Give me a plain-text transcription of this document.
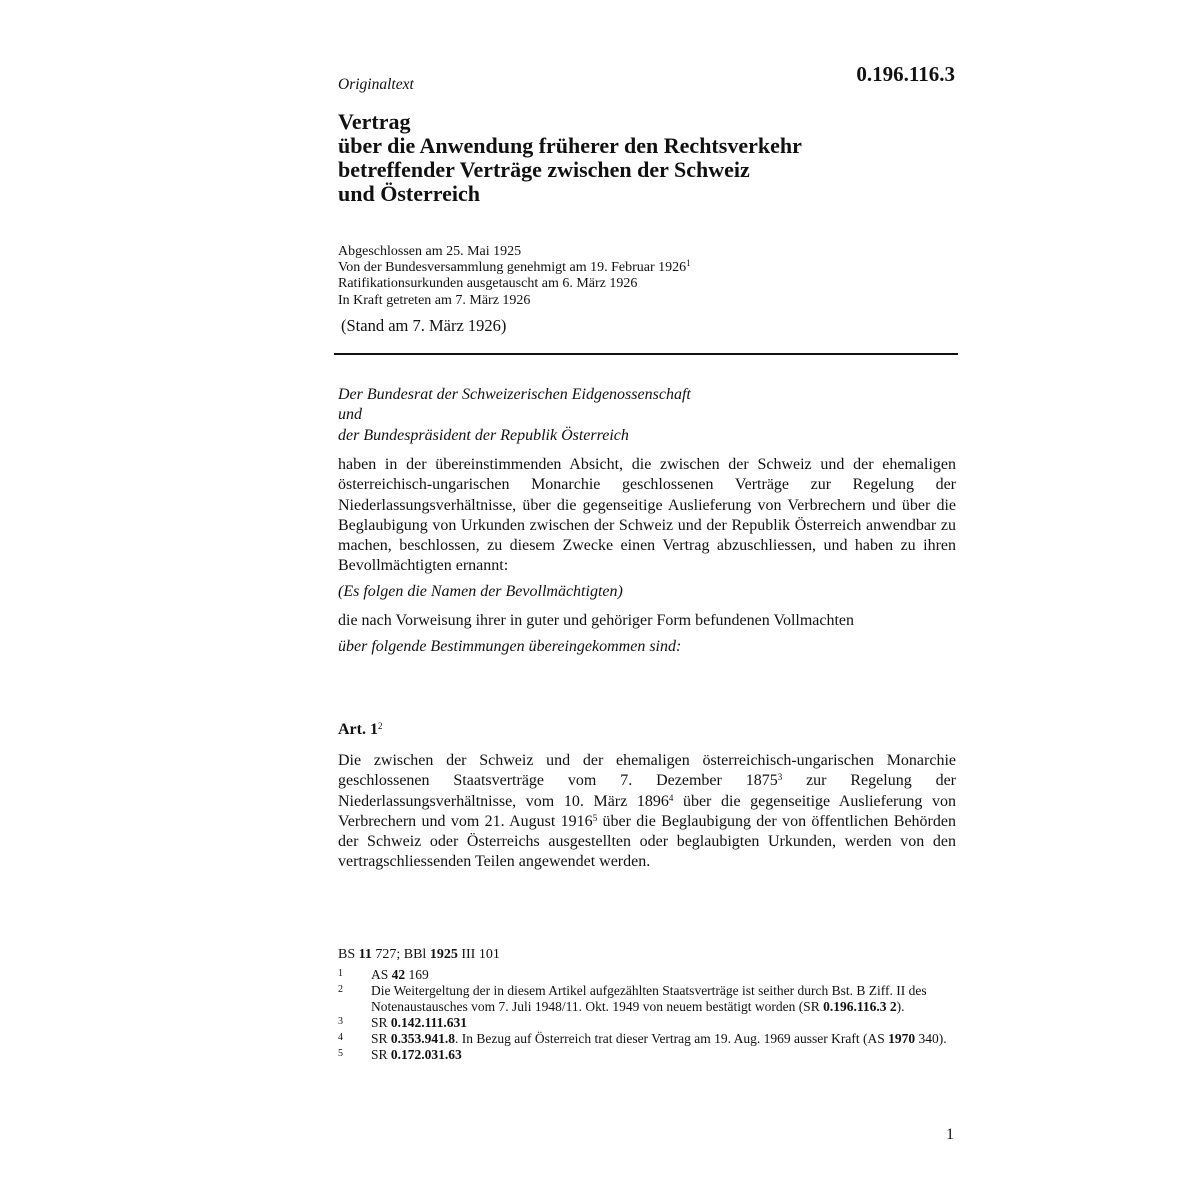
Originaltext	0.196.116.3
Vertrag
über die Anwendung früherer den Rechtsverkehr
betreffender Verträge zwischen der Schweiz
und Österreich
Abgeschlossen am 25. Mai 1925
Von der Bundesversammlung genehmigt am 19. Februar 1926$^1$
Ratifikationsurkunden ausgetauscht am 6. März 1926
In Kraft getreten am 7. März 1926
(Stand am 7. März 1926)
Der Bundesrat der Schweizerischen Eidgenossenschaft
und
der Bundespräsident der Republik Österreich
haben in der übereinstimmenden Absicht, die zwischen der Schweiz und der ehemaligen österreichisch-ungarischen Monarchie geschlossenen Verträge zur Regelung der Niederlassungsverhältnisse, über die gegenseitige Auslieferung von Verbrechern und über die Beglaubigung von Urkunden zwischen der Schweiz und der Republik Österreich anwendbar zu machen, beschlossen, zu diesem Zwecke einen Vertrag abzuschliessen, und haben zu ihren Bevollmächtigten ernannt:
(Es folgen die Namen der Bevollmächtigten)
die nach Vorweisung ihrer in guter und gehöriger Form befundenen Vollmachten
über folgende Bestimmungen übereingekommen sind:
Art. $1^2$
Die zwischen der Schweiz und der ehemaligen österreichisch-ungarischen Monarchie geschlossenen Staatsverträge vom 7. Dezember 1875$^3$ zur Regelung der Niederlassungsverhältnisse, vom 10. März 1896$^4$ über die gegenseitige Auslieferung von Verbrechern und vom 21. August 1916$^5$ über die Beglaubigung der von öffentlichen Behörden der Schweiz oder Österreichs ausgestellten oder beglaubigten Urkunden, werden von den vertragschliessenden Teilen angewendet werden.
BS 11 727; BBl 1925 III 101
1	AS 42 169
2	Die Weitergeltung der in diesem Artikel aufgezählten Staatsverträge ist seither durch Bst. B Ziff. II des Notenaustausches vom 7. Juli 1948/11. Okt. 1949 von neuem bestätigt worden (SR 0.196.116.3 2).
3	SR 0.142.111.631
4	SR 0.353.941.8. In Bezug auf Österreich trat dieser Vertrag am 19. Aug. 1969 ausser Kraft (AS 1970 340).
5	SR 0.172.031.63
1
